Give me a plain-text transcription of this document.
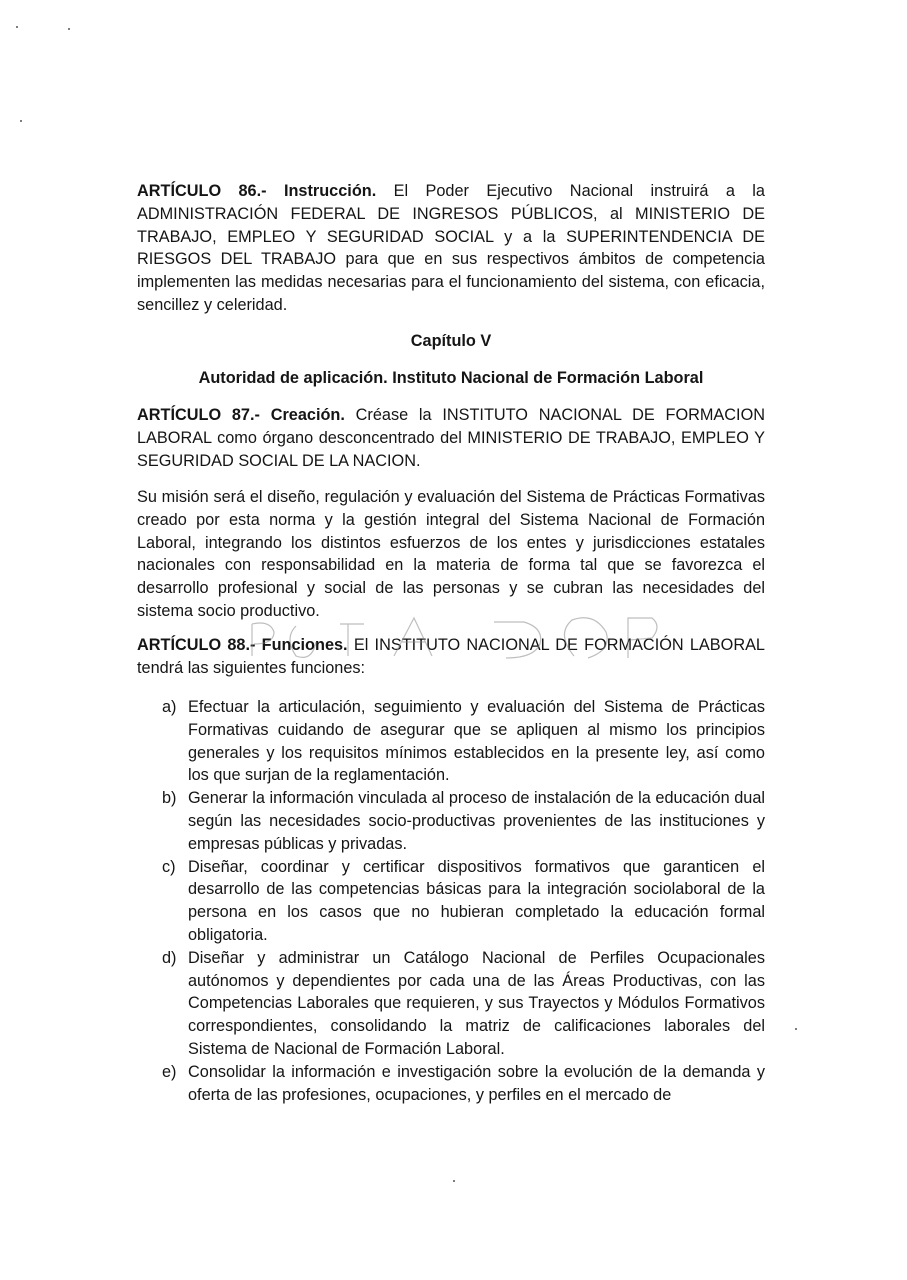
ARTÍCULO 86.- Instrucción. El Poder Ejecutivo Nacional instruirá a la ADMINISTRACIÓN FEDERAL DE INGRESOS PÚBLICOS, al MINISTERIO DE TRABAJO, EMPLEO Y SEGURIDAD SOCIAL y a la SUPERINTENDENCIA DE RIESGOS DEL TRABAJO para que en sus respectivos ámbitos de competencia implementen las medidas necesarias para el funcionamiento del sistema, con eficacia, sencillez y celeridad.

Capítulo V

Autoridad de aplicación. Instituto Nacional de Formación Laboral

ARTÍCULO 87.- Creación. Créase la INSTITUTO NACIONAL DE FORMACION LABORAL como órgano desconcentrado del MINISTERIO DE TRABAJO, EMPLEO Y SEGURIDAD SOCIAL DE LA NACION.

Su misión será el diseño, regulación y evaluación del Sistema de Prácticas Formativas creado por esta norma y la gestión integral del Sistema Nacional de Formación Laboral, integrando los distintos esfuerzos de los entes y jurisdicciones estatales nacionales con responsabilidad en la materia de forma tal que se favorezca el desarrollo profesional y social de las personas y se cubran las necesidades del sistema socio productivo.

ARTÍCULO 88.- Funciones. El INSTITUTO NACIONAL DE FORMACIÓN LABORAL tendrá las siguientes funciones:

a) Efectuar la articulación, seguimiento y evaluación del Sistema de Prácticas Formativas cuidando de asegurar que se apliquen al mismo los principios generales y los requisitos mínimos establecidos en la presente ley, así como los que surjan de la reglamentación.
b) Generar la información vinculada al proceso de instalación de la educación dual según las necesidades socio-productivas provenientes de las instituciones y empresas públicas y privadas.
c) Diseñar, coordinar y certificar dispositivos formativos que garanticen el desarrollo de las competencias básicas para la integración sociolaboral de la persona en los casos que no hubieran completado la educación formal obligatoria.
d) Diseñar y administrar un Catálogo Nacional de Perfiles Ocupacionales autónomos y dependientes por cada una de las Áreas Productivas, con las Competencias Laborales que requieren, y sus Trayectos y Módulos Formativos correspondientes, consolidando la matriz de calificaciones laborales del Sistema de Nacional de Formación Laboral.
e) Consolidar la información e investigación sobre la evolución de la demanda y oferta de las profesiones, ocupaciones, y perfiles en el mercado de
